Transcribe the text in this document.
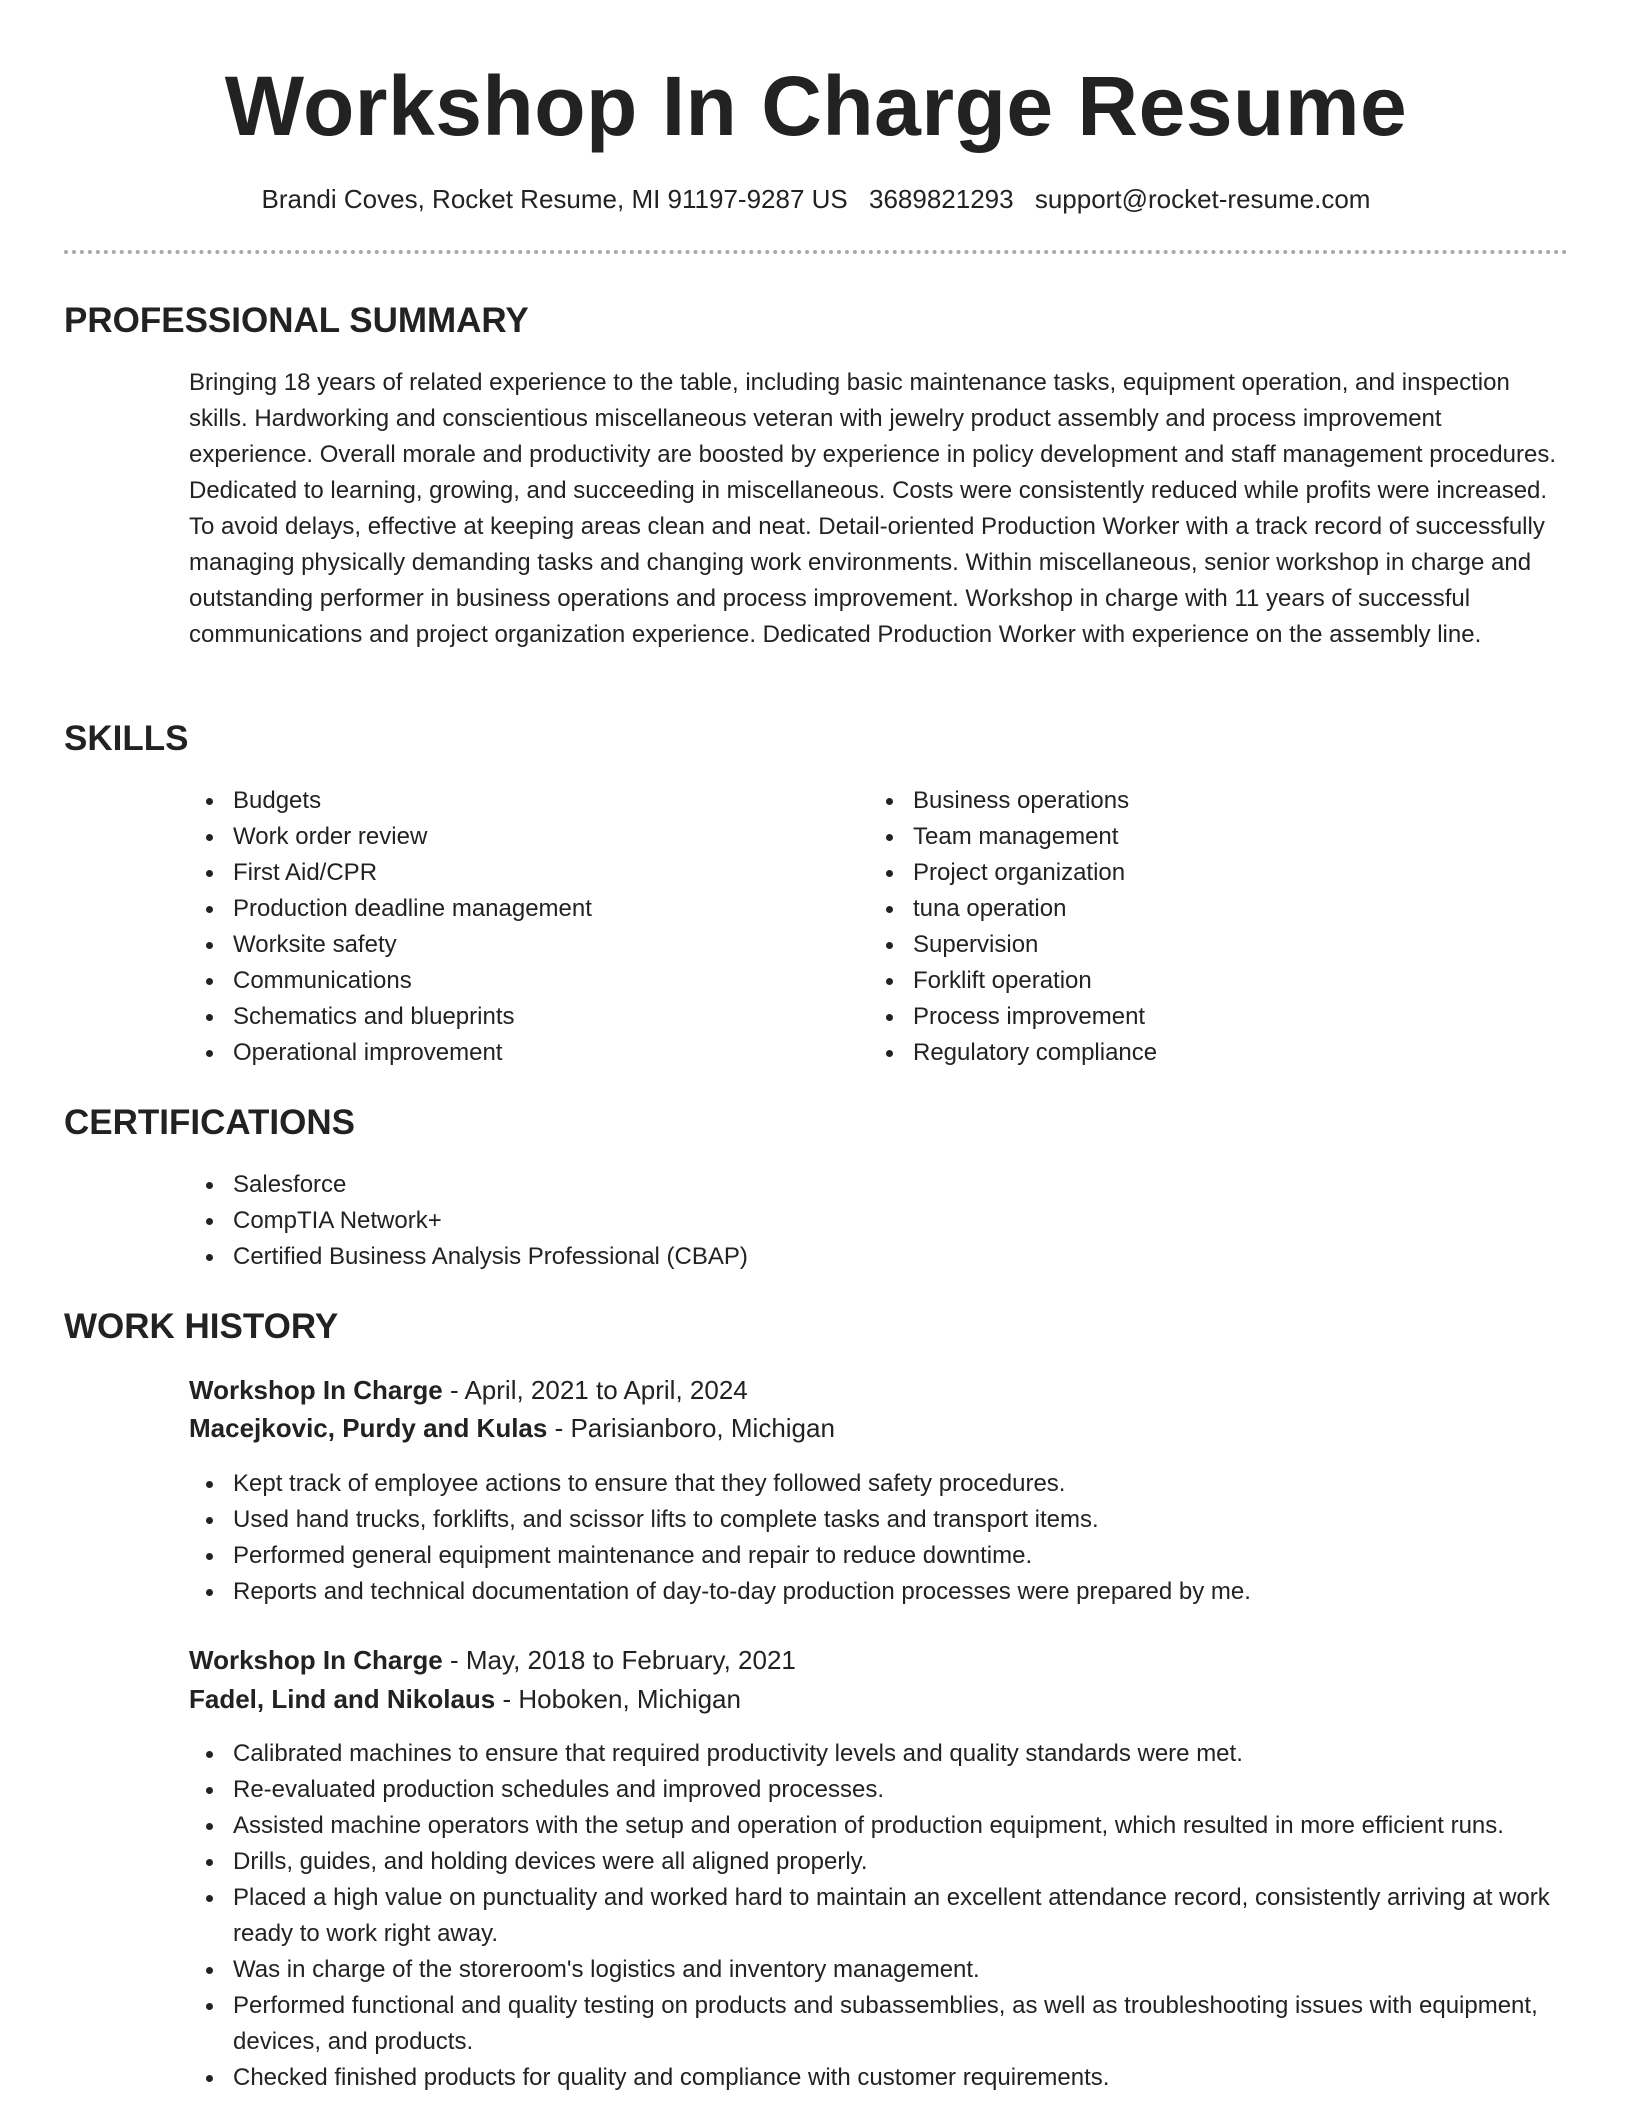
Workshop In Charge Resume
Brandi Coves, Rocket Resume, MI 91197-9287 US 3689821293 support@rocket-resume.com
PROFESSIONAL SUMMARY

Bringing 18 years of related experience to the table, including basic maintenance tasks, equipment operation, and inspection skills. Hardworking and conscientious miscellaneous veteran with jewelry product assembly and process improvement experience. Overall morale and productivity are boosted by experience in policy development and staff management procedures. Dedicated to learning, growing, and succeeding in miscellaneous. Costs were consistently reduced while profits were increased. To avoid delays, effective at keeping areas clean and neat. Detail-oriented Production Worker with a track record of successfully managing physically demanding tasks and changing work environments. Within miscellaneous, senior workshop in charge and outstanding performer in business operations and process improvement. Workshop in charge with 11 years of successful communications and project organization experience. Dedicated Production Worker with experience on the assembly line.

SKILLS
Budgets
Work order review
First Aid/CPR
Production deadline management
Worksite safety
Communications
Schematics and blueprints
Operational improvement
Business operations
Team management
Project organization
tuna operation
Supervision
Forklift operation
Process improvement
Regulatory compliance
CERTIFICATIONS
Salesforce
CompTIA Network+
Certified Business Analysis Professional (CBAP)
WORK HISTORY
Workshop In Charge - April, 2021 to April, 2024
Macejkovic, Purdy and Kulas - Parisianboro, Michigan
Kept track of employee actions to ensure that they followed safety procedures.
Used hand trucks, forklifts, and scissor lifts to complete tasks and transport items.
Performed general equipment maintenance and repair to reduce downtime.
Reports and technical documentation of day-to-day production processes were prepared by me.
Workshop In Charge - May, 2018 to February, 2021
Fadel, Lind and Nikolaus - Hoboken, Michigan
Calibrated machines to ensure that required productivity levels and quality standards were met.
Re-evaluated production schedules and improved processes.
Assisted machine operators with the setup and operation of production equipment, which resulted in more efficient runs.
Drills, guides, and holding devices were all aligned properly.
Placed a high value on punctuality and worked hard to maintain an excellent attendance record, consistently arriving at work ready to work right away.
Was in charge of the storeroom's logistics and inventory management.
Performed functional and quality testing on products and subassemblies, as well as troubleshooting issues with equipment, devices, and products.
Checked finished products for quality and compliance with customer requirements.
